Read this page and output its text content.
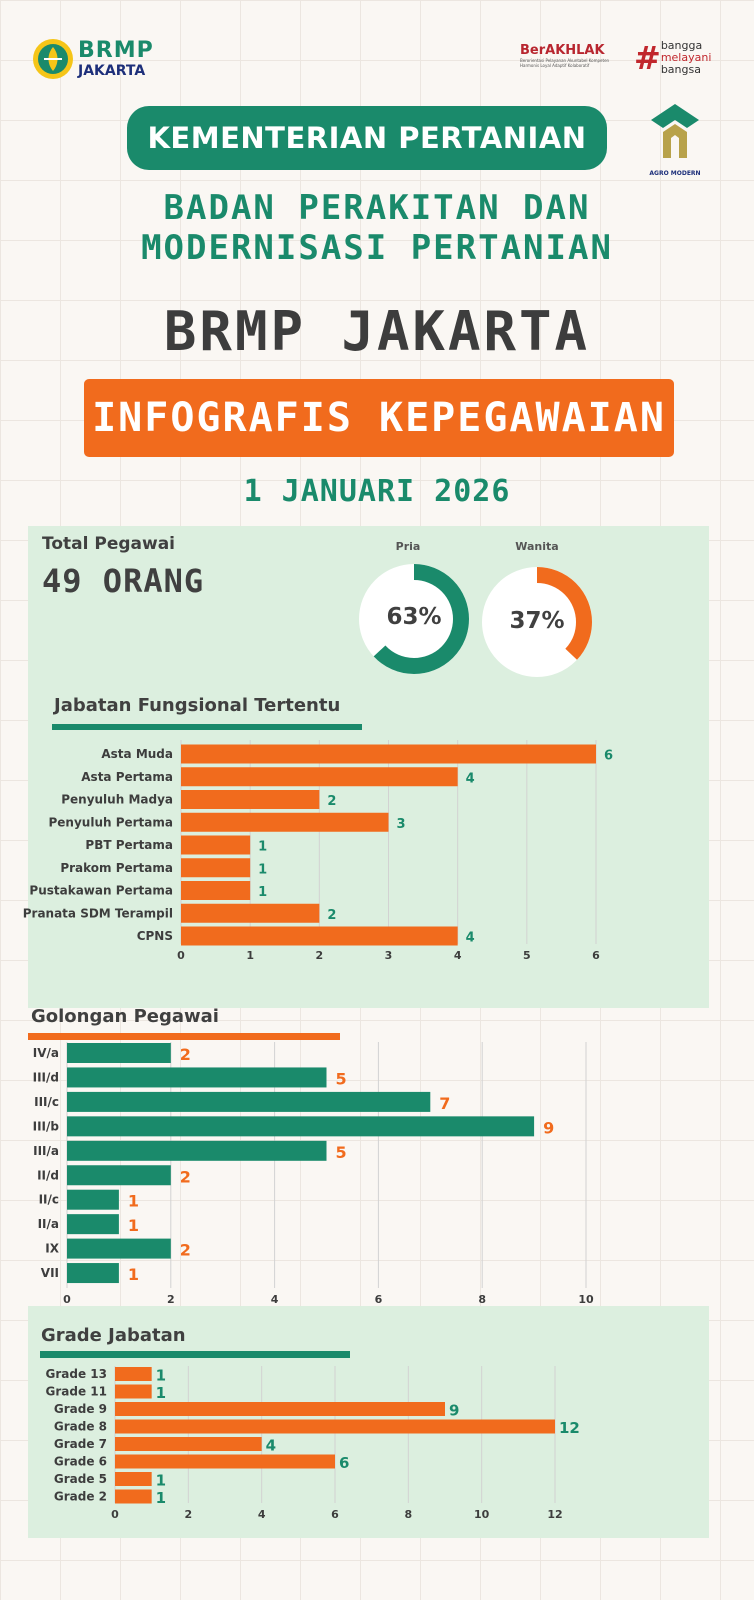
BRMP
JAKARTA
BerAKHLAK
Berorientasi Pelayanan Akuntabel Kompeten Harmonis Loyal Adaptif Kolaboratif	# bangga
melayani
bangsa
AGRO MODERN
KEMENTERIAN PERTANIAN
BADAN PERAKITAN DAN
MODERNISASI PERTANIAN
BRMP JAKARTA
INFOGRAFIS KEPEGAWAIAN
1 JANUARI 2026
Total Pegawai
49 ORANG
Pria	Wanita
63%	37%
Jabatan Fungsional Tertentu
Golongan Pegawai
Grade Jabatan
0	1	2	3	4	5	6
Asta Muda	6
Asta Pertama	4
Penyuluh Madya	2
Penyuluh Pertama	3
PBT Pertama	1
Prakom Pertama	1
Pustakawan Pertama	1
Pranata SDM Terampil	2
CPNS	4
0	2	4	6	8	10
IV/a	2
III/d	5
III/c	7
III/b	9
III/a	5
II/d	2
II/c	1
II/a	1
IX	2
VII	1
0	2	4	6	8	10	12
Grade 13	1
Grade 11	1
Grade 9	9
Grade 8	12
Grade 7	4
Grade 6	6
Grade 5	1
Grade 2	1
